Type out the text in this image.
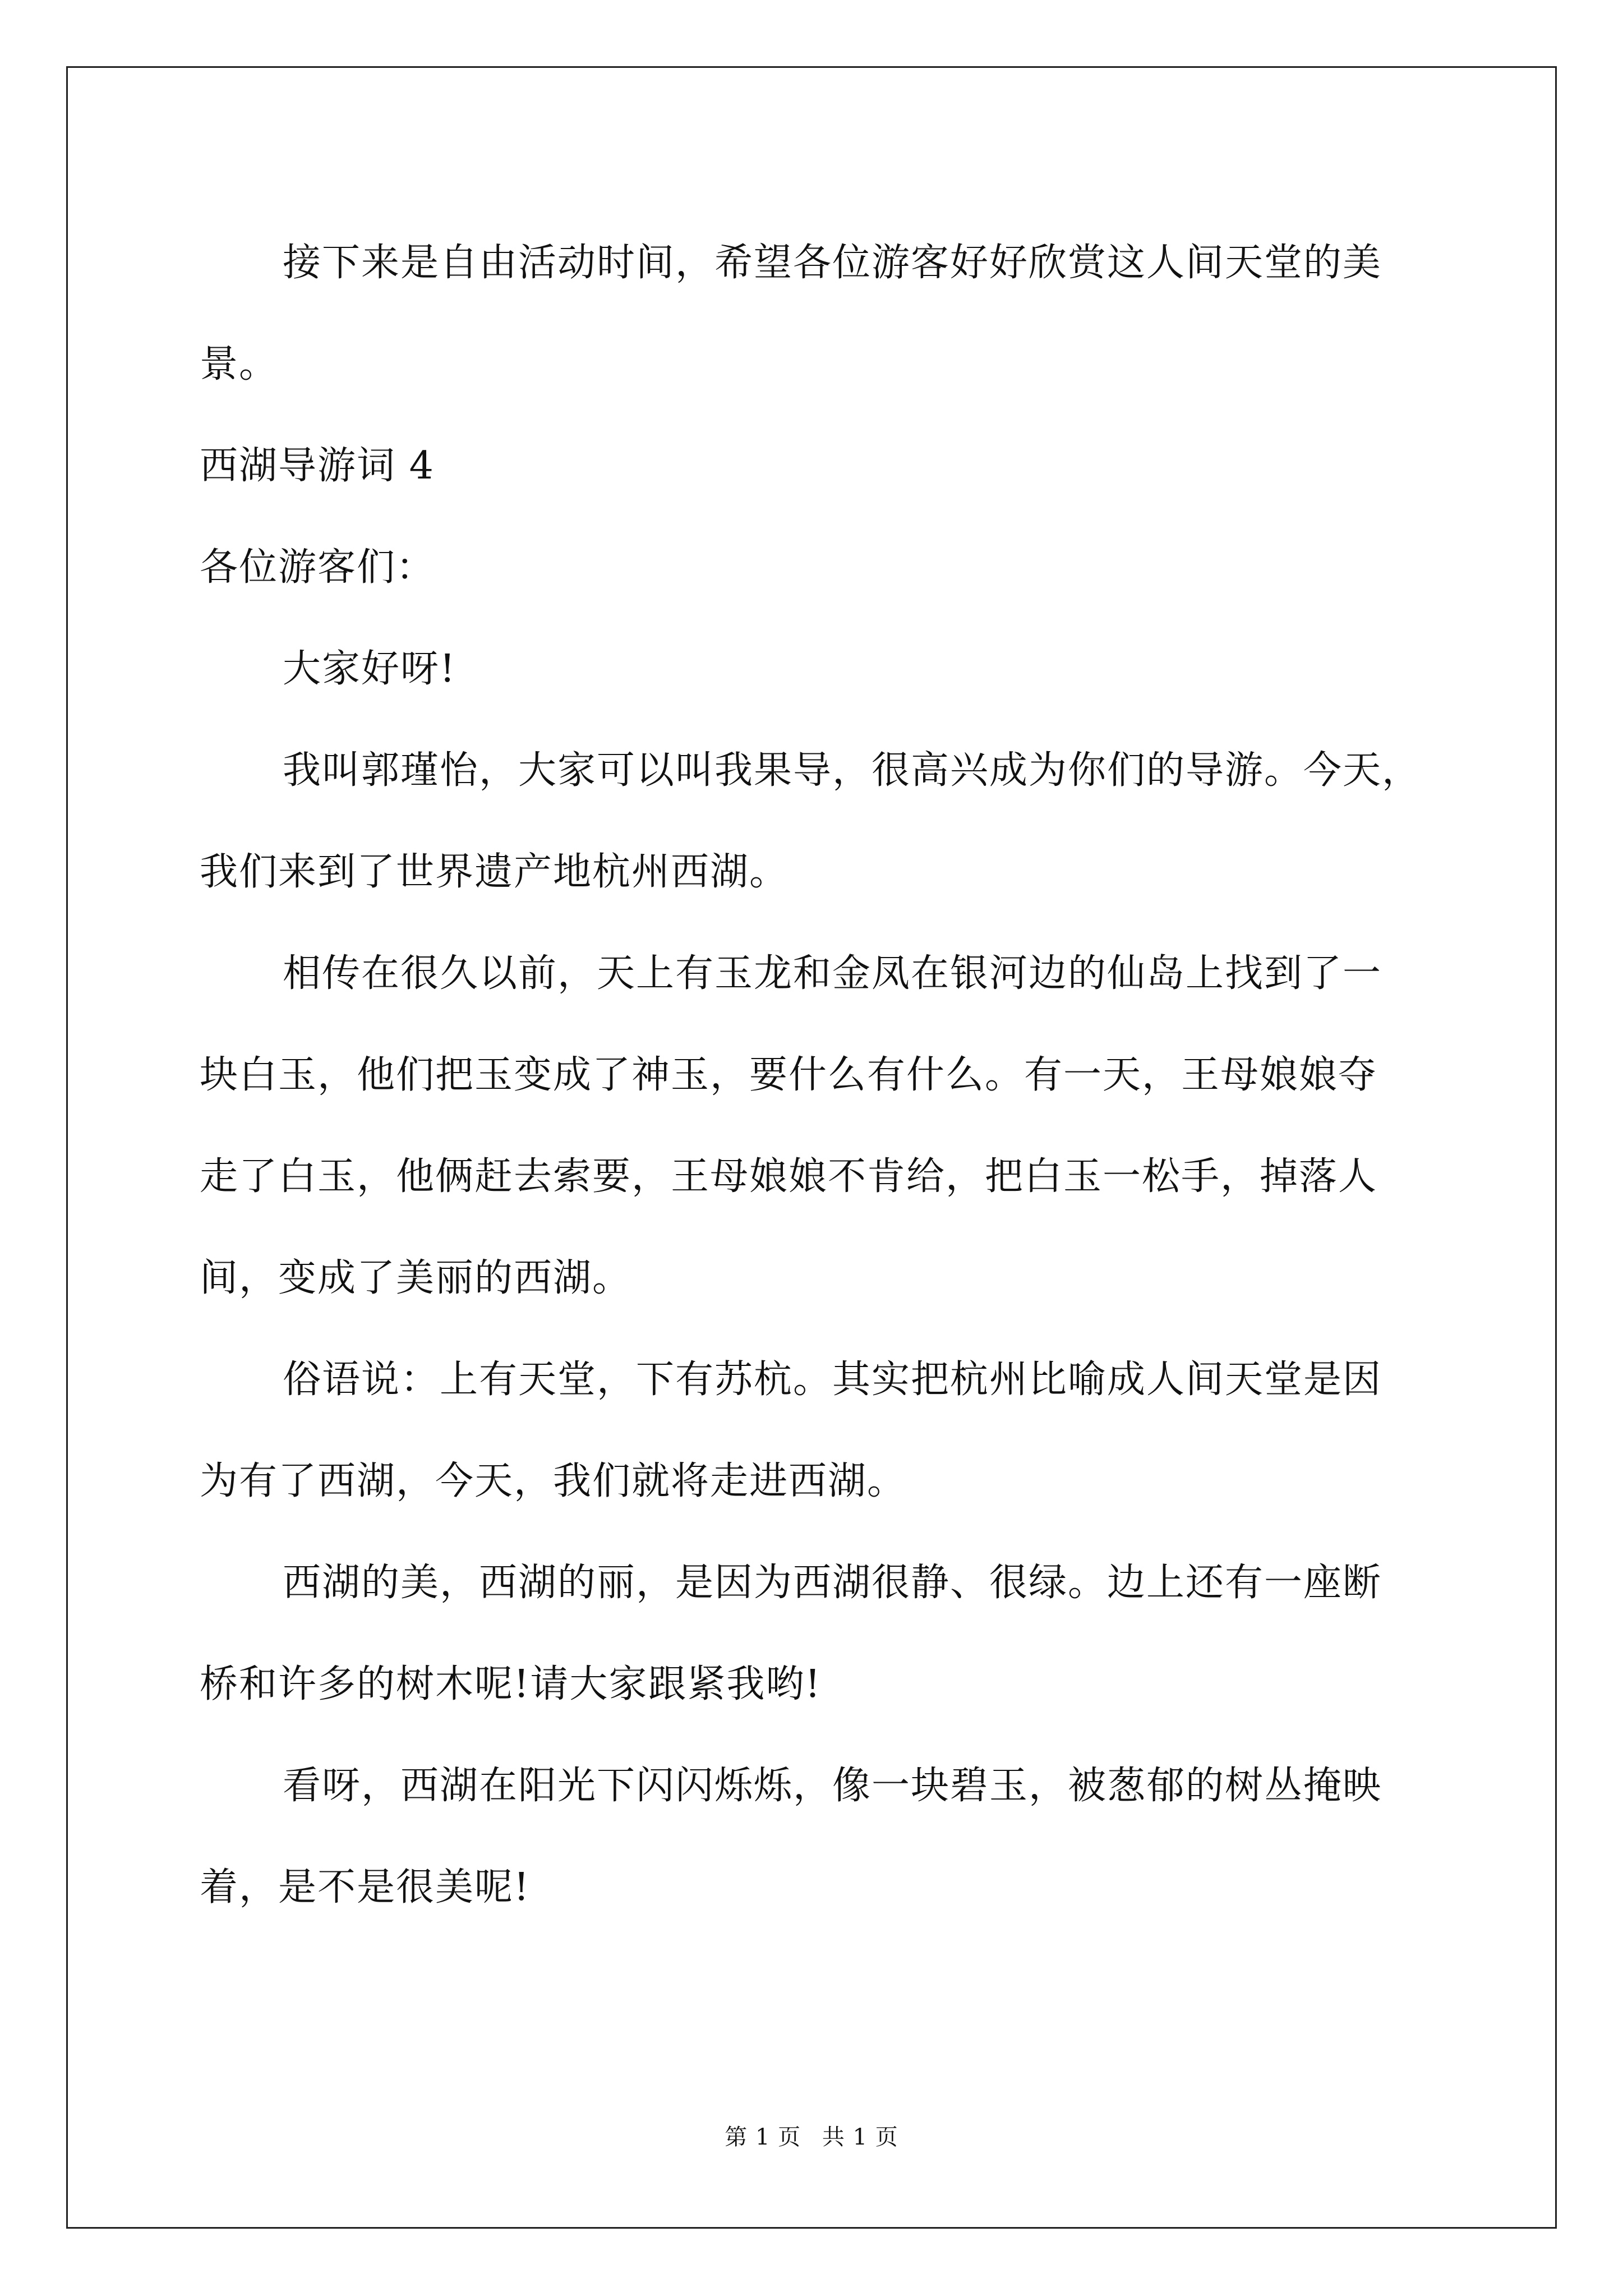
接下来是自由活动时间，希望各位游客好好欣赏这人间天堂的美
景。
西湖导游词 4
各位游客们：
大家好呀!
我叫郭瑾怡，大家可以叫我果导，很高兴成为你们的导游。今天，
我们来到了世界遗产地杭州西湖。
相传在很久以前，天上有玉龙和金凤在银河边的仙岛上找到了一
块白玉，他们把玉变成了神玉，要什么有什么。有一天，王母娘娘夺
走了白玉，他俩赶去索要，王母娘娘不肯给，把白玉一松手，掉落人
间，变成了美丽的西湖。
俗语说：上有天堂，下有苏杭。其实把杭州比喻成人间天堂是因
为有了西湖，今天，我们就将走进西湖。
西湖的美，西湖的丽，是因为西湖很静、很绿。边上还有一座断
桥和许多的树木呢!请大家跟紧我哟!
看呀，西湖在阳光下闪闪烁烁，像一块碧玉，被葱郁的树丛掩映
着，是不是很美呢!
第 1 页 共 1 页
